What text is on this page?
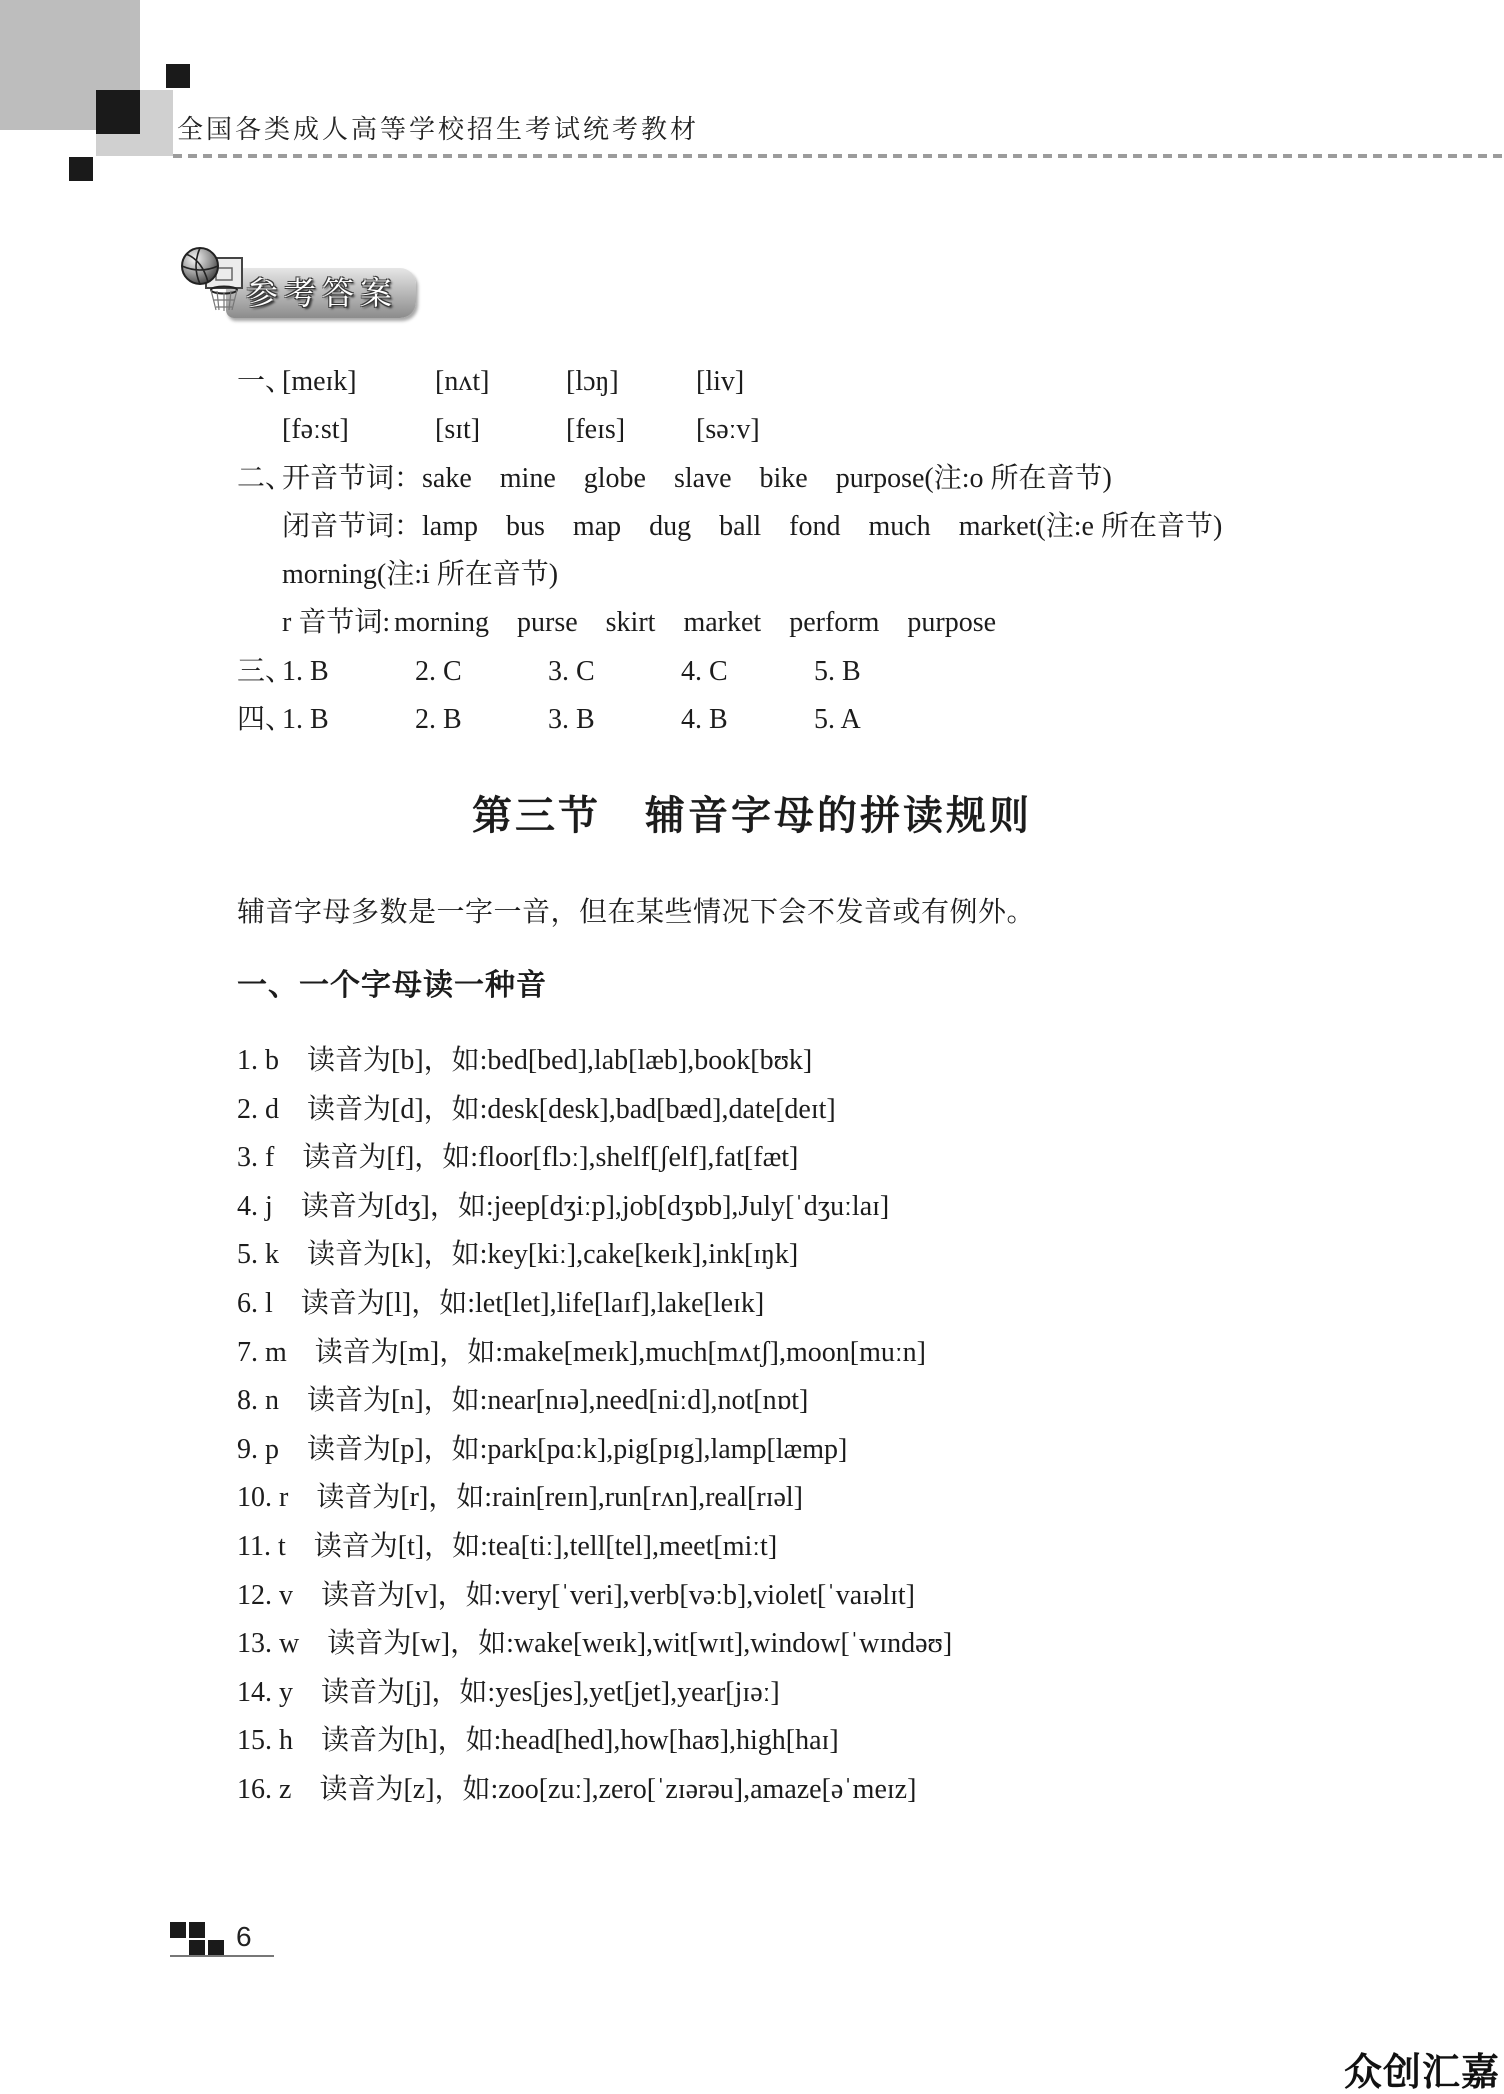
全国各类成人高等学校招生考试统考教材
参考答案
一、[meɪk]	[nʌt]	[lɔŋ]	[liv]
[fəːst]	[sɪt]	[feɪs]	[səːv]
二、开音节词：sake mine globe slave bike purpose(注:o 所在音节)
闭音节词：lamp bus map dug ball fond much market(注:e 所在音节)
morning(注:i 所在音节)
r 音节词: morning purse skirt market perform purpose
三、1. B	2. C	3. C	4. C	5. B
四、1. B	2. B	3. B	4. B	5. A
第三节 辅音字母的拼读规则
辅音字母多数是一字一音，但在某些情况下会不发音或有例外。
一、一个字母读一种音
1. b 读音为[b]，如:bed[bed],lab[læb],book[bʊk]
2. d 读音为[d]，如:desk[desk],bad[bæd],date[deɪt]
3. f 读音为[f]，如:floor[flɔː],shelf[ʃelf],fat[fæt]
4. j 读音为[dʒ]，如:jeep[dʒiːp],job[dʒɒb],July[ˈdʒuːlaɪ]
5. k 读音为[k]，如:key[kiː],cake[keɪk],ink[ɪŋk]
6. l 读音为[l]，如:let[let],life[laɪf],lake[leɪk]
7. m 读音为[m]，如:make[meɪk],much[mʌtʃ],moon[muːn]
8. n 读音为[n]，如:near[nɪə],need[niːd],not[nɒt]
9. p 读音为[p]，如:park[pɑːk],pig[pɪg],lamp[læmp]
10. r 读音为[r]，如:rain[reɪn],run[rʌn],real[rɪəl]
11. t 读音为[t]，如:tea[tiː],tell[tel],meet[miːt]
12. v 读音为[v]，如:very[ˈveri],verb[vəːb],violet[ˈvaɪəlɪt]
13. w 读音为[w]，如:wake[weɪk],wit[wɪt],window[ˈwɪndəʊ]
14. y 读音为[j]，如:yes[jes],yet[jet],year[jɪəː]
15. h 读音为[h]，如:head[hed],how[haʊ],high[haɪ]
16. z 读音为[z]，如:zoo[zuː],zero[ˈzɪərəu],amaze[əˈmeɪz]
6
众创汇嘉
